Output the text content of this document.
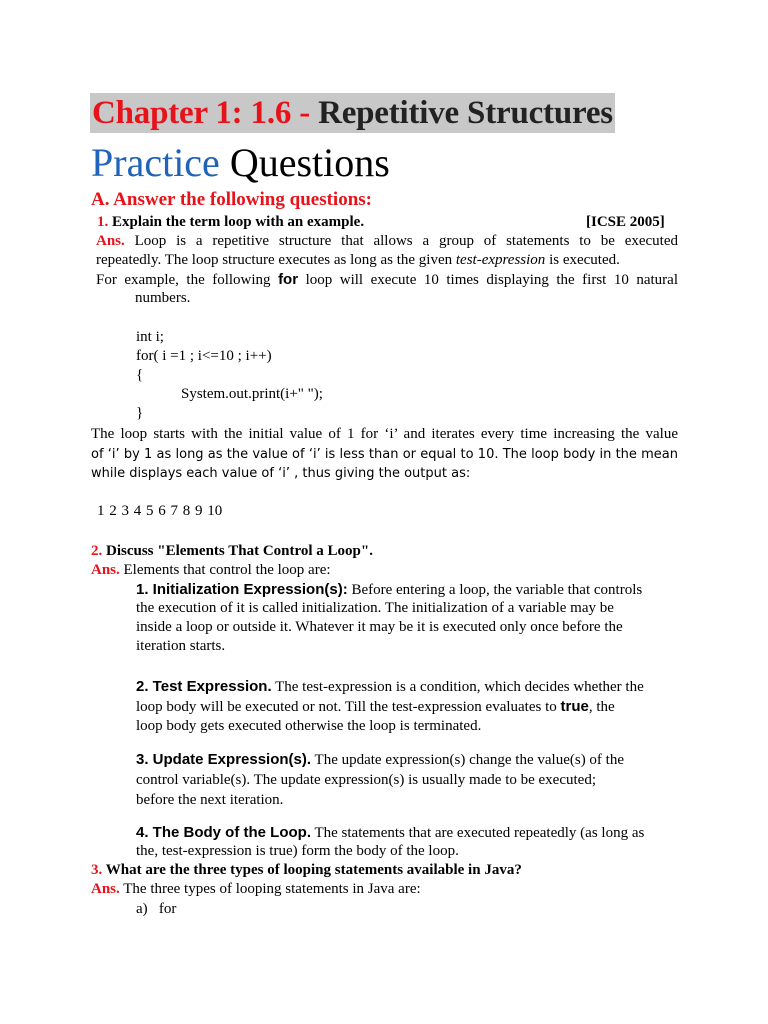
Chapter 1: 1.6 - Repetitive Structures
Practice Questions
A. Answer the following questions:
1. Explain the term loop with an example.	[ICSE 2005]
Ans. Loop is a repetitive structure that allows a group of statements to be executed
repeatedly. The loop structure executes as long as the given test-expression is executed.
For example, the following for loop will execute 10 times displaying the first 10 natural
numbers.
int i;
for( i =1 ; i<=10 ; i++)
{
System.out.print(i+" ");
}
The loop starts with the initial value of 1 for ‘i’ and iterates every time increasing the value
of ‘i’ by 1 as long as the value of ‘i’ is less than or equal to 10. The loop body in the mean
while displays each value of ‘i’ , thus giving the output as:
1 2 3 4 5 6 7 8 9 10
2. Discuss "Elements That Control a Loop".
Ans. Elements that control the loop are:
1. Initialization Expression(s): Before entering a loop, the variable that controls
the execution of it is called initialization. The initialization of a variable may be
inside a loop or outside it. Whatever it may be it is executed only once before the
iteration starts.
2. Test Expression. The test-expression is a condition, which decides whether the
loop body will be executed or not. Till the test-expression evaluates to true, the
loop body gets executed otherwise the loop is terminated.
3. Update Expression(s). The update expression(s) change the value(s) of the
control variable(s). The update expression(s) is usually made to be executed;
before the next iteration.
4. The Body of the Loop. The statements that are executed repeatedly (as long as
the, test-expression is true) form the body of the loop.
3. What are the three types of looping statements available in Java?
Ans. The three types of looping statements in Java are:
a)   for
